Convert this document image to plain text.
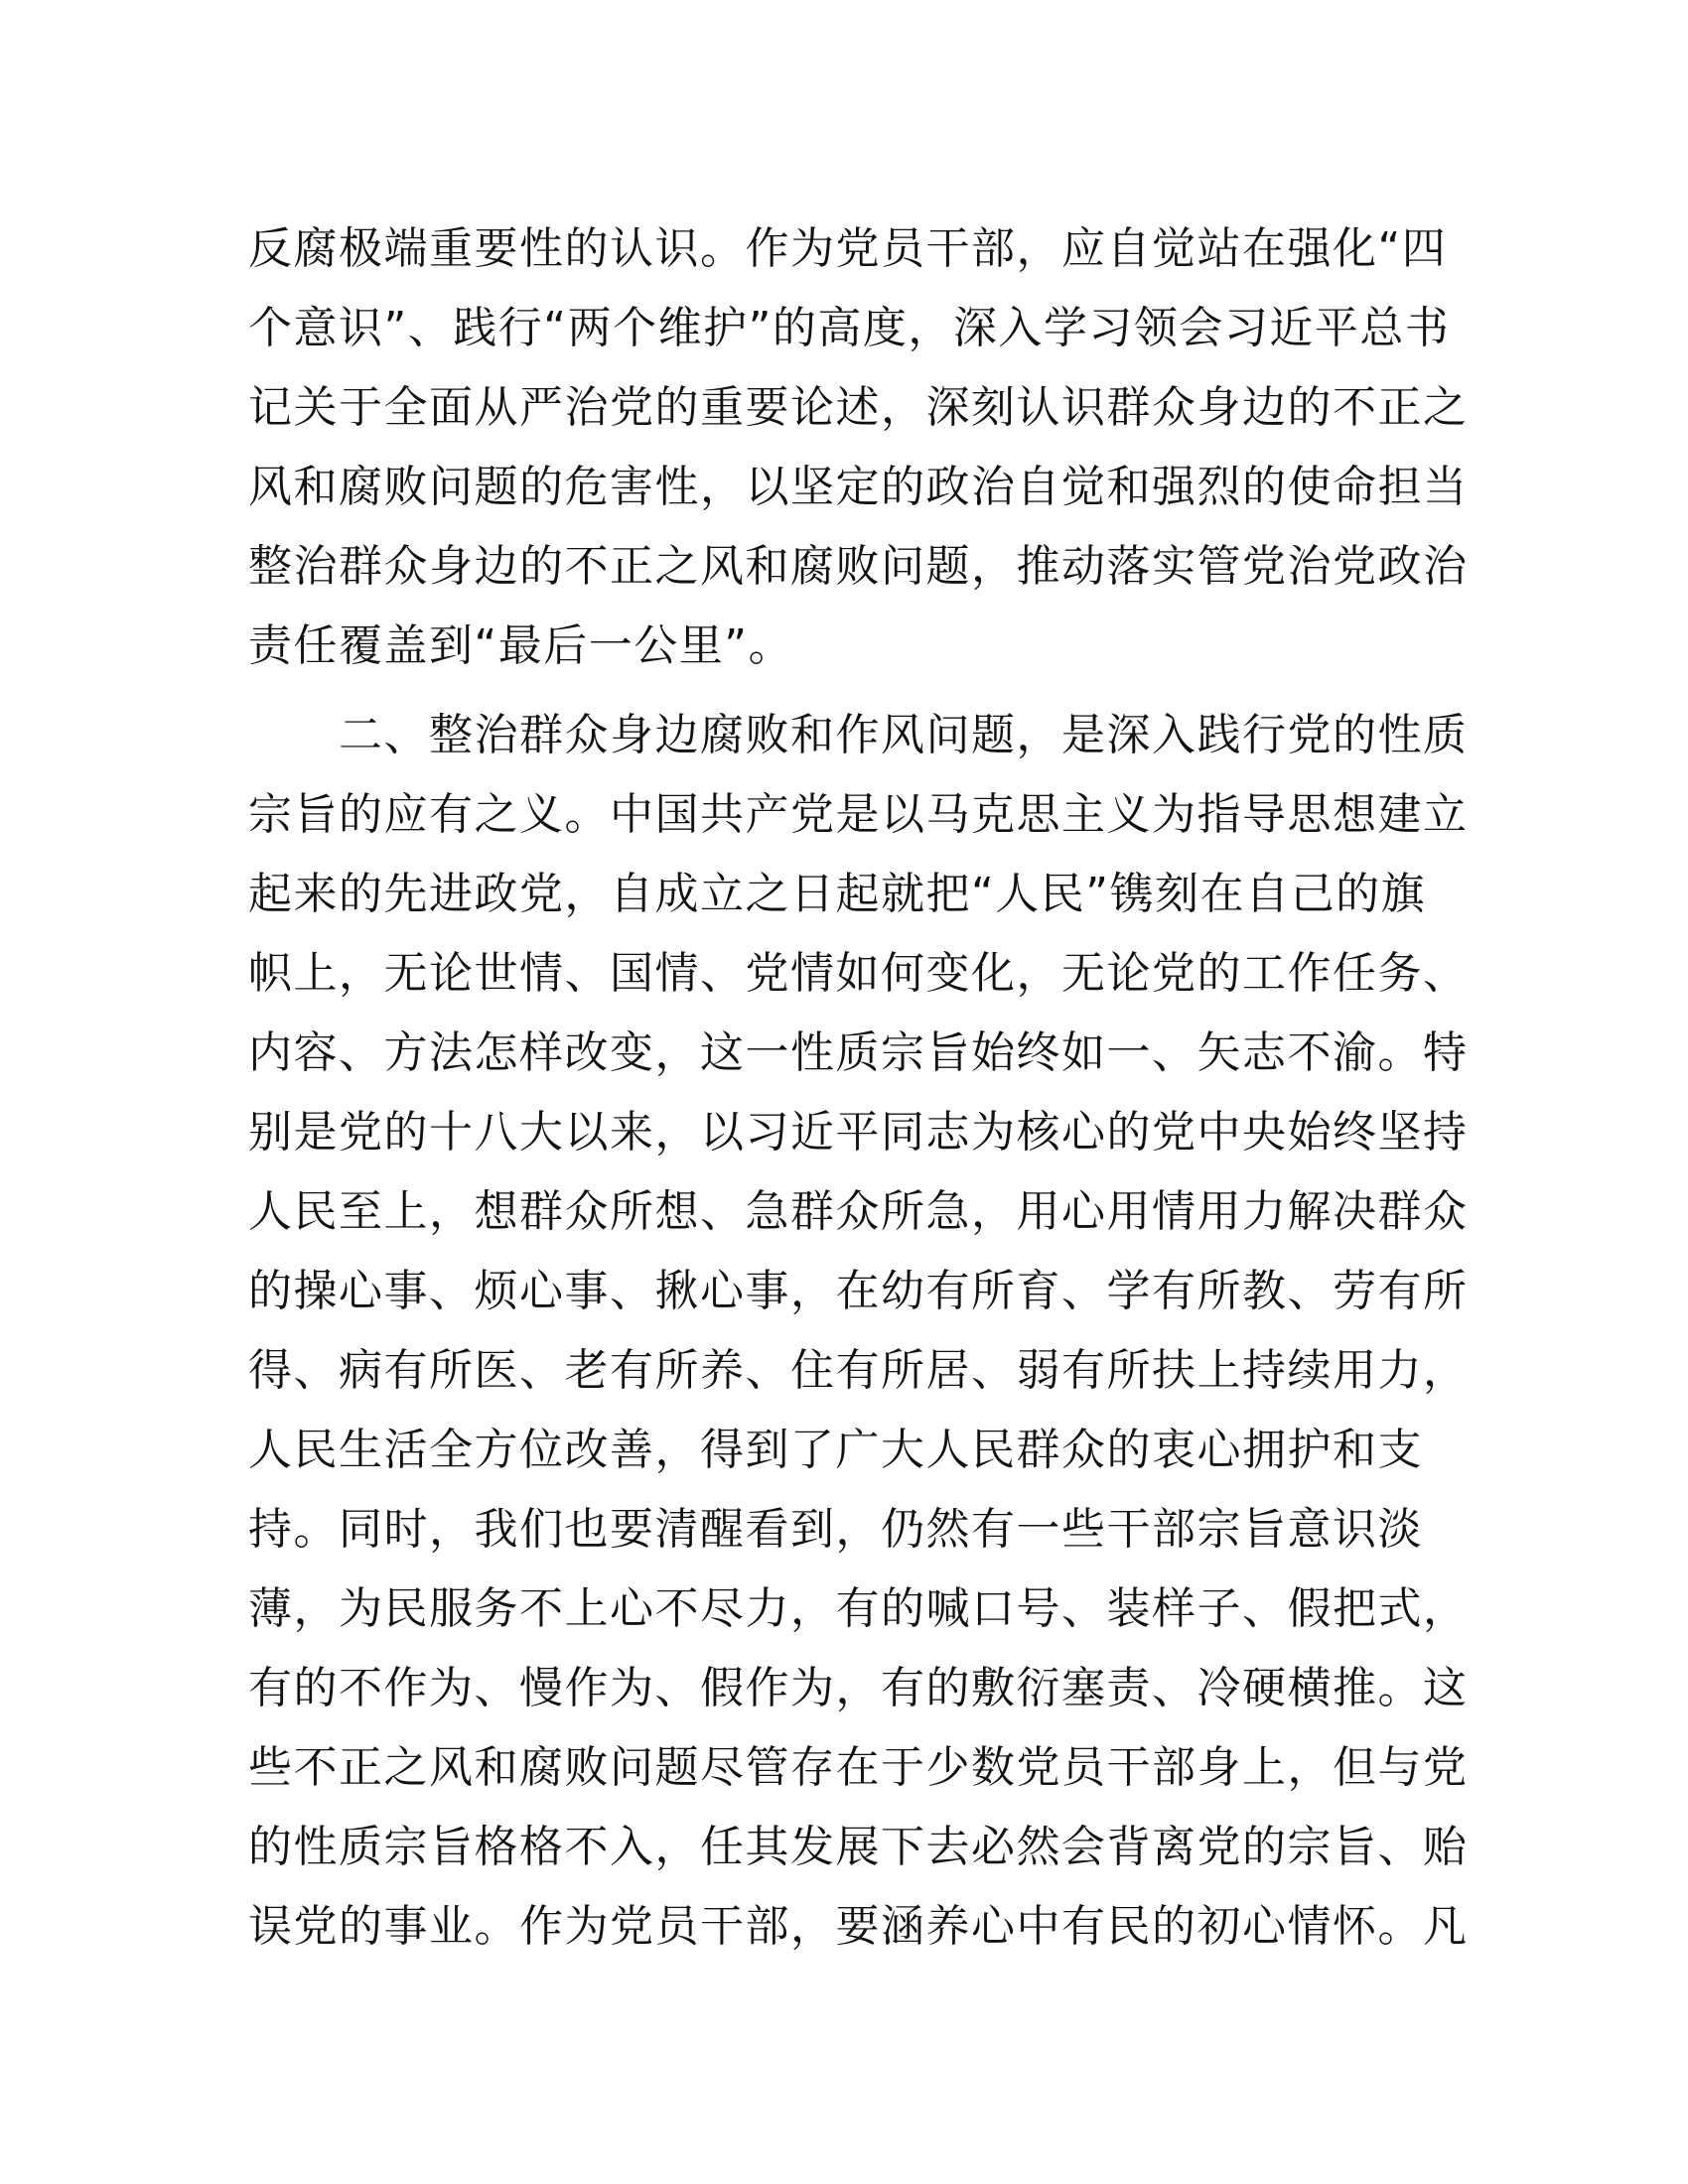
反腐极端重要性的认识。作为党员干部，应自觉站在强化“四
个意识”、践行“两个维护”的高度，深入学习领会习近平总书
记关于全面从严治党的重要论述，深刻认识群众身边的不正之
风和腐败问题的危害性，以坚定的政治自觉和强烈的使命担当
整治群众身边的不正之风和腐败问题，推动落实管党治党政治
责任覆盖到“最后一公里”。
　　二、整治群众身边腐败和作风问题，是深入践行党的性质
宗旨的应有之义。中国共产党是以马克思主义为指导思想建立
起来的先进政党，自成立之日起就把“人民”镌刻在自己的旗
帜上，无论世情、国情、党情如何变化，无论党的工作任务、
内容、方法怎样改变，这一性质宗旨始终如一、矢志不渝。特
别是党的十八大以来，以习近平同志为核心的党中央始终坚持
人民至上，想群众所想、急群众所急，用心用情用力解决群众
的操心事、烦心事、揪心事，在幼有所育、学有所教、劳有所
得、病有所医、老有所养、住有所居、弱有所扶上持续用力，
人民生活全方位改善，得到了广大人民群众的衷心拥护和支
持。同时，我们也要清醒看到，仍然有一些干部宗旨意识淡
薄，为民服务不上心不尽力，有的喊口号、装样子、假把式，
有的不作为、慢作为、假作为，有的敷衍塞责、冷硬横推。这
些不正之风和腐败问题尽管存在于少数党员干部身上，但与党
的性质宗旨格格不入，任其发展下去必然会背离党的宗旨、贻
误党的事业。作为党员干部，要涵养心中有民的初心情怀。凡
